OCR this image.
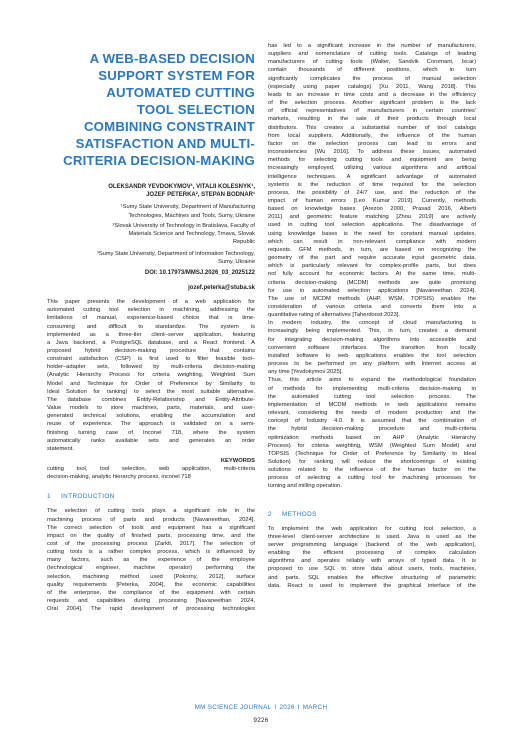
A WEB-BASED DECISION
SUPPORT SYSTEM FOR
AUTOMATED CUTTING
TOOL SELECTION
COMBINING CONSTRAINT
SATISFACTION AND MULTI-
CRITERIA DECISION-MAKING
OLEKSANDR YEVDOKYMOV¹, VITALII KOLESNYK¹,
JOZEF PETERKA², STEPAN BODNAR¹
¹Sumy State University, Department of Manufacturing
Technologies, Machines and Tools, Sumy, Ukraine
²Slovak University of Technology in Bratislava, Faculty of
Materials Science and Technology, Trnava, Slovak
Republic
³Sumy State University, Department of Information Technology,
Sumy, Ukraine
DOI: 10.17973/MMSJ.2026_03_2025122
jozef.peterka@stuba.sk
This paper presents the development of a web application for
automated cutting tool selection in machining, addressing the
limitations of manual, experience-based choice that is time-
consuming and difficult to standardize. The system is
implemented as a three-tier client–server application, featuring
a Java backend, a PostgreSQL database, and a React frontend. A
proposed hybrid decision-making procedure that contains
constraint satisfaction (CSP) is first used to filter feasible tool–
holder–adapter sets, followed by multi-criteria decision-making
(Analytic Hierarchy Process for criteria weighting, Weighted Sum
Model and Technique for Order of Preference by Similarity to
Ideal Solution for ranking) to select the most suitable alternative.
The database combines Entity-Relationship and Entity-Attribute-
Value models to store machines, parts, materials, and user-
generated technical solutions, enabling the accumulation and
reuse of experience. The approach is validated on a semi-
finishing turning case of Inconel 718, where the system
automatically ranks available sets and generates an order
statement.
KEYWORDS
cutting tool, tool selection, web application, multi-criteria
decision-making, analytic hierarchy process, inconel 718
1 INTRODUCTION
The selection of cutting tools plays a significant role in the
machining process of parts and products [Navaneethan, 2024].
The correct selection of tools and equipment has a significant
impact on the quality of finished parts, processing time, and the
cost of the processing process [Zarkti, 2017]. The selection of
cutting tools is a rather complex process, which is influenced by
many factors, such as the experience of the employee
(technological engineer, machine operator) performing the
selection, machining method used [Pokorny, 2012], surface
quality requirements [Peterka, 2004], the economic capabilities
of the enterprise, the compliance of the equipment with certain
requests and capabilities during processing [Navaneethan 2024,
Oral 2004]. The rapid development of processing technologies
has led to a significant increase in the number of manufacturers,
suppliers and nomenclature of cutting tools. Catalogs of leading
manufacturers of cutting tools (Walter, Sandvik Coromant, Iscar)
contain thousands of different positions, which in turn
significantly complicates the process of manual selection
(especially using paper catalogs) [Xu 2011, Wang 2018]. This
leads to an increase in time costs and a decrease in the efficiency
of the selection process. Another significant problem is the lack
of official representatives of manufacturers in certain countries'
markets, resulting in the sale of their products through local
distributors. This creates a substantial number of tool catalogs
from local suppliers. Additionally, the influence of the human
factor on the selection process can lead to errors and
inconsistencies [Wu 2016]. To address these issues, automated
methods for selecting cutting tools and equipment are being
increasingly employed, utilizing various algorithms and artificial
intelligence techniques. A significant advantage of automated
systems is the reduction of time required for the selection
process, the possibility of 24/7 use, and the reduction of the
impact of human errors [Leo Kumar 2019]. Currently, methods
based on knowledge bases [Arezoo 2000, Prasad 2016, Alberti
2011] and geometric feature matching [Zhou 2019] are actively
used in cutting tool selection applications. The disadvantage of
using knowledge bases is the need for constant manual updates,
which can result in non-relevant compliance with modern
requests. GFM methods, in turn, are based on recognizing the
geometry of the part and require accurate input geometric data,
which is particularly relevant for complex-profile parts, but does
not fully account for economic factors. At the same time, multi-
criteria decision-making (MCDM) methods are quite promising
for use in automated selection applications [Navaneethan 2024].
The use of MCDM methods (AHP, WSM, TOPSIS) enables the
consideration of various criteria and converts them into a
quantitative rating of alternatives [Taherdoost 2023].
In modern industry, the concept of cloud manufacturing is
increasingly being implemented. This, in turn, creates a demand
for integrating decision-making algorithms into accessible and
convenient software interfaces. The transition from locally
installed software to web applications enables the tool selection
process to be performed on any platform with Internet access at
any time [Yevdokymov 2025].
Thus, this article aims to expand the methodological foundation
of methods for implementing multi-criteria decision-making in
the automated cutting tool selection process. The
implementation of MCDM methods in web applications remains
relevant, considering the needs of modern production and the
concept of Industry 4.0. It is assumed that the combination of
the hybrid decision-making procedure and multi-criteria
optimization methods based on AHP (Analytic Hierarchy
Process) for criteria weighting, WSM (Weighted Sum Model) and
TOPSIS (Technique for Order of Preference by Similarity to Ideal
Solution) for ranking will reduce the shortcomings of existing
solutions related to the influence of the human factor on the
process of selecting a cutting tool for machining processes for
turning and milling operation.
2 METHODS
To implement the web application for cutting tool selection, a
three-level client-server architecture is used. Java is used as the
server programming language (backend of the web application),
enabling the efficient processing of complex calculation
algorithms and operates reliably with arrays of typed data. It is
proposed to use SQL to store data about users, tools, machines,
and parts. SQL enables the effective structuring of parametric
data. React is used to implement the graphical interface of the
MM SCIENCE JOURNAL I 2026 I MARCH
9226
